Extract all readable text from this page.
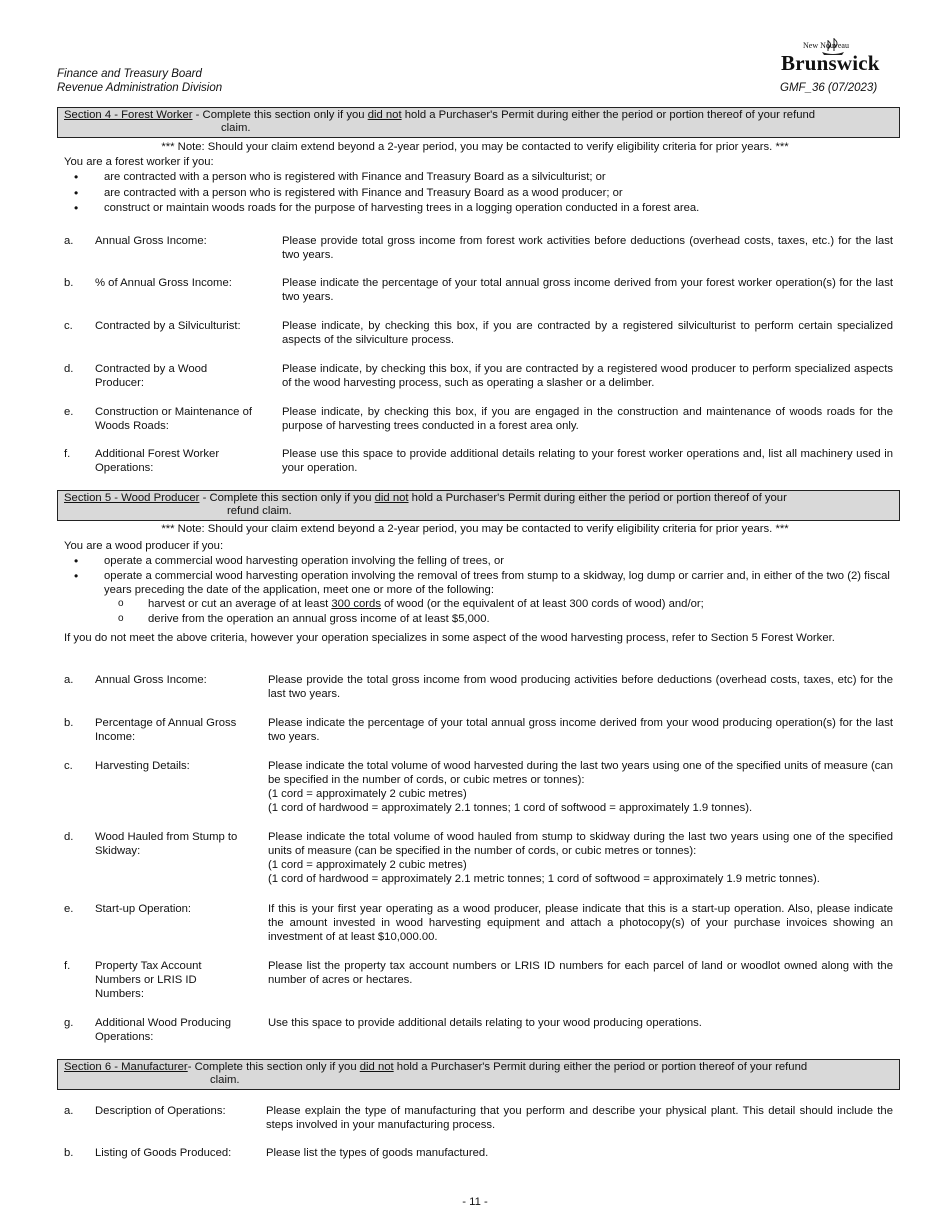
Finance and Treasury Board
Revenue Administration Division
New Nouveau
Brunswick
GMF_36 (07/2023)
Section 4 - Forest Worker - Complete this section only if you did not hold a Purchaser's Permit during either the period or portion thereof of your refund
claim.
*** Note: Should your claim extend beyond a 2-year period, you may be contacted to verify eligibility criteria for prior years. ***
You are a forest worker if you:
• are contracted with a person who is registered with Finance and Treasury Board as a silviculturist; or
• are contracted with a person who is registered with Finance and Treasury Board as a wood producer; or
• construct or maintain woods roads for the purpose of harvesting trees in a logging operation conducted in a forest area.
a. Annual Gross Income:	Please provide total gross income from forest work activities before deductions (overhead costs, taxes, etc.) for the last two years.
b. % of Annual Gross Income:	Please indicate the percentage of your total annual gross income derived from your forest worker operation(s) for the last two years.
c. Contracted by a Silviculturist:	Please indicate, by checking this box, if you are contracted by a registered silviculturist to perform certain specialized aspects of the silviculture process.
d. Contracted by a Wood Producer:
Please indicate, by checking this box, if you are contracted by a registered wood producer to perform specialized aspects of the wood harvesting process, such as operating a slasher or a delimber.
e. Construction or Maintenance of Woods Roads:
Please indicate, by checking this box, if you are engaged in the construction and maintenance of woods roads for the purpose of harvesting trees conducted in a forest area only.
f. Additional Forest Worker Operations:
Please use this space to provide additional details relating to your forest worker operations and, list all machinery used in your operation.
Section 5 - Wood Producer - Complete this section only if you did not hold a Purchaser's Permit during either the period or portion thereof of your
refund claim.
*** Note: Should your claim extend beyond a 2-year period, you may be contacted to verify eligibility criteria for prior years. ***
You are a wood producer if you:
• operate a commercial wood harvesting operation involving the felling of trees, or
• operate a commercial wood harvesting operation involving the removal of trees from stump to a skidway, log dump or carrier and, in either of the two (2) fiscal years preceding the date of the application, meet one or more of the following:
o harvest or cut an average of at least 300 cords of wood (or the equivalent of at least 300 cords of wood) and/or;
o derive from the operation an annual gross income of at least $5,000.
If you do not meet the above criteria, however your operation specializes in some aspect of the wood harvesting process, refer to Section 5 Forest Worker.
a. Annual Gross Income:	Please provide the total gross income from wood producing activities before deductions (overhead costs, taxes, etc) for the last two years.
b. Percentage of Annual Gross Income:
Please indicate the percentage of your total annual gross income derived from your wood producing operation(s) for the last two years.
c. Harvesting Details:	Please indicate the total volume of wood harvested during the last two years using one of the specified units of measure (can be specified in the number of cords, or cubic metres or tonnes):
(1 cord = approximately 2 cubic metres)
(1 cord of hardwood = approximately 2.1 tonnes; 1 cord of softwood = approximately 1.9 tonnes).
d. Wood Hauled from Stump to Skidway:
Please indicate the total volume of wood hauled from stump to skidway during the last two years using one of the specified units of measure (can be specified in the number of cords, or cubic metres or tonnes):
(1 cord = approximately 2 cubic metres)
(1 cord of hardwood = approximately 2.1 metric tonnes; 1 cord of softwood = approximately 1.9 metric tonnes).
e. Start-up Operation:	If this is your first year operating as a wood producer, please indicate that this is a start-up operation. Also, please indicate the amount invested in wood harvesting equipment and attach a photocopy(s) of your purchase invoices showing an investment of at least $10,000.00.
f. Property Tax Account Numbers or LRIS ID Numbers:
Please list the property tax account numbers or LRIS ID numbers for each parcel of land or woodlot owned along with the number of acres or hectares.
g. Additional Wood Producing Operations:
Use this space to provide additional details relating to your wood producing operations.
Section 6 - Manufacturer- Complete this section only if you did not hold a Purchaser's Permit during either the period or portion thereof of your refund
claim.
a. Description of Operations:	Please explain the type of manufacturing that you perform and describe your physical plant. This detail should include the steps involved in your manufacturing process.
b. Listing of Goods Produced:	Please list the types of goods manufactured.
- 11 -
